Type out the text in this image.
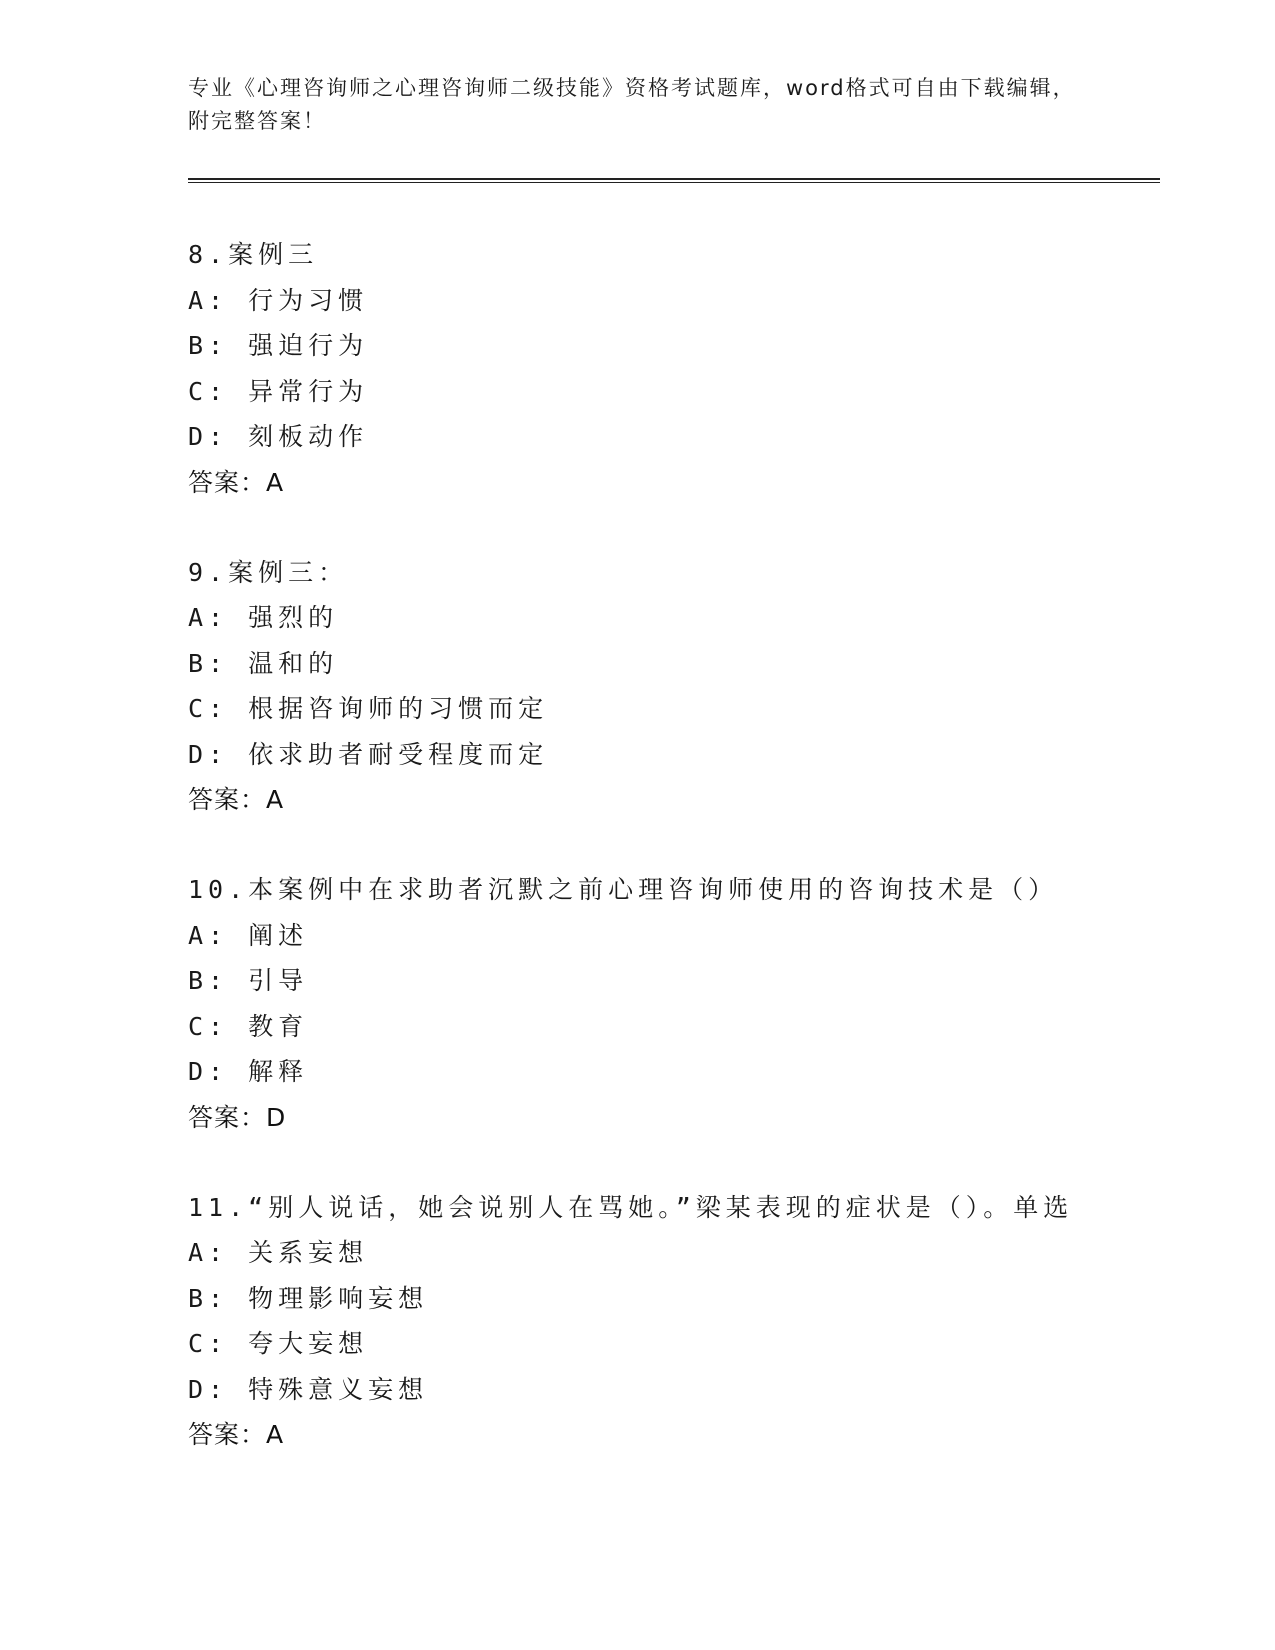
专业《心理咨询师之心理咨询师二级技能》资格考试题库，word格式可自由下载编辑，附完整答案！
8.案例三
A: 行为习惯
B: 强迫行为
C: 异常行为
D: 刻板动作
答案：A
9.案例三：
A: 强烈的
B: 温和的
C: 根据咨询师的习惯而定
D: 依求助者耐受程度而定
答案：A
10.本案例中在求助者沉默之前心理咨询师使用的咨询技术是（）
A: 阐述
B: 引导
C: 教育
D: 解释
答案：D
11.“别人说话，她会说别人在骂她。”梁某表现的症状是（）。单选
A: 关系妄想
B: 物理影响妄想
C: 夸大妄想
D: 特殊意义妄想
答案：A
